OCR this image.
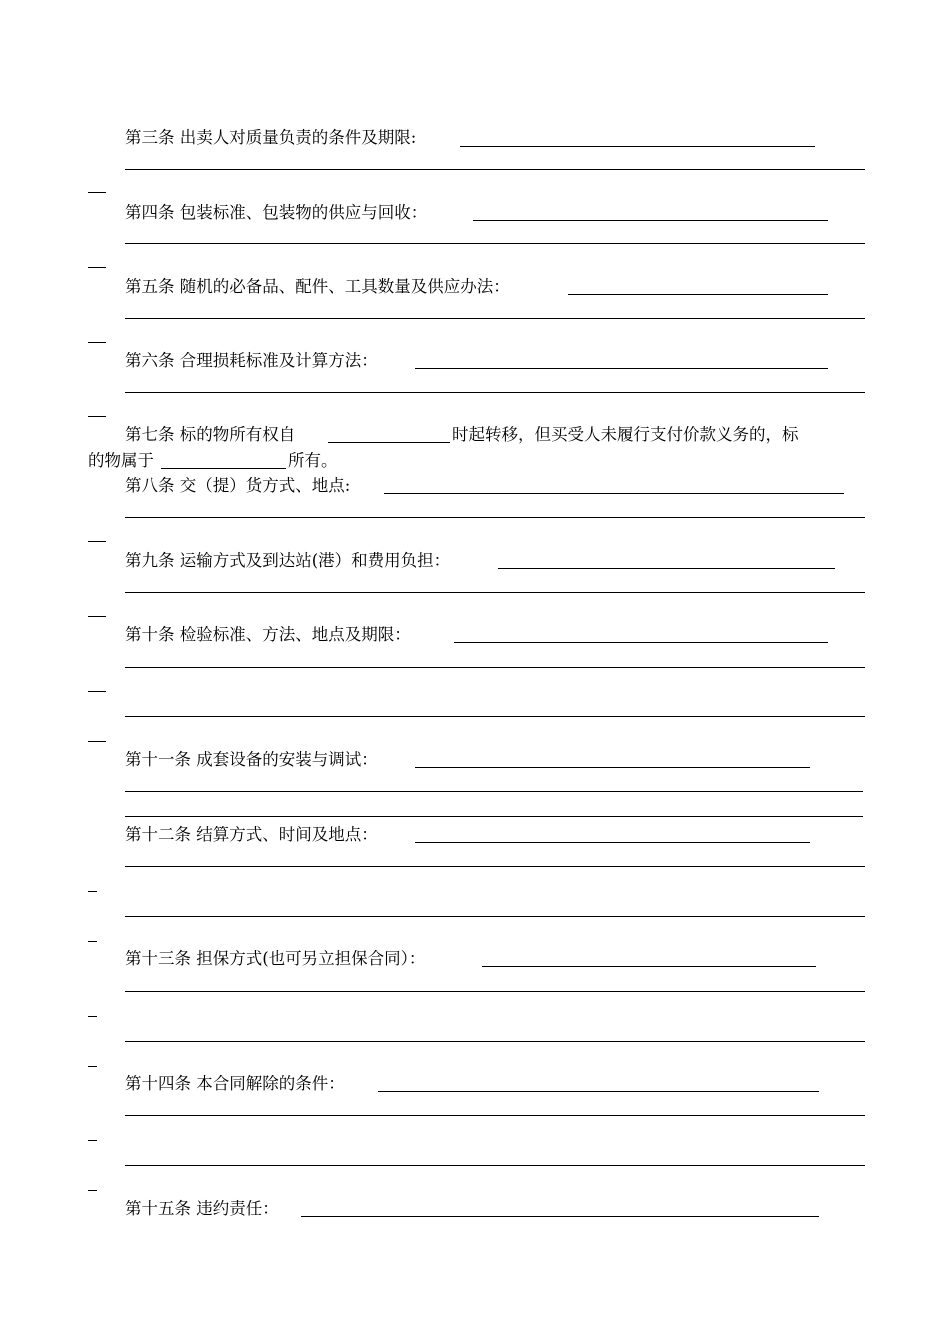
第三条 出卖人对质量负责的条件及期限:
第四条 包装标准、包装物的供应与回收：
第五条 随机的必备品、配件、工具数量及供应办法：
第六条 合理损耗标准及计算方法：
第七条 标的物所有权自	时起转移，但买受人未履行支付价款义务的，标
的物属于	所有。
第八条 交（提）货方式、地点:
第九条 运输方式及到达站(港）和费用负担：
第十条 检验标准、方法、地点及期限：
第十一条 成套设备的安装与调试：
第十二条 结算方式、时间及地点：
第十三条 担保方式(也可另立担保合同）：
第十四条 本合同解除的条件：
第十五条 违约责任：
